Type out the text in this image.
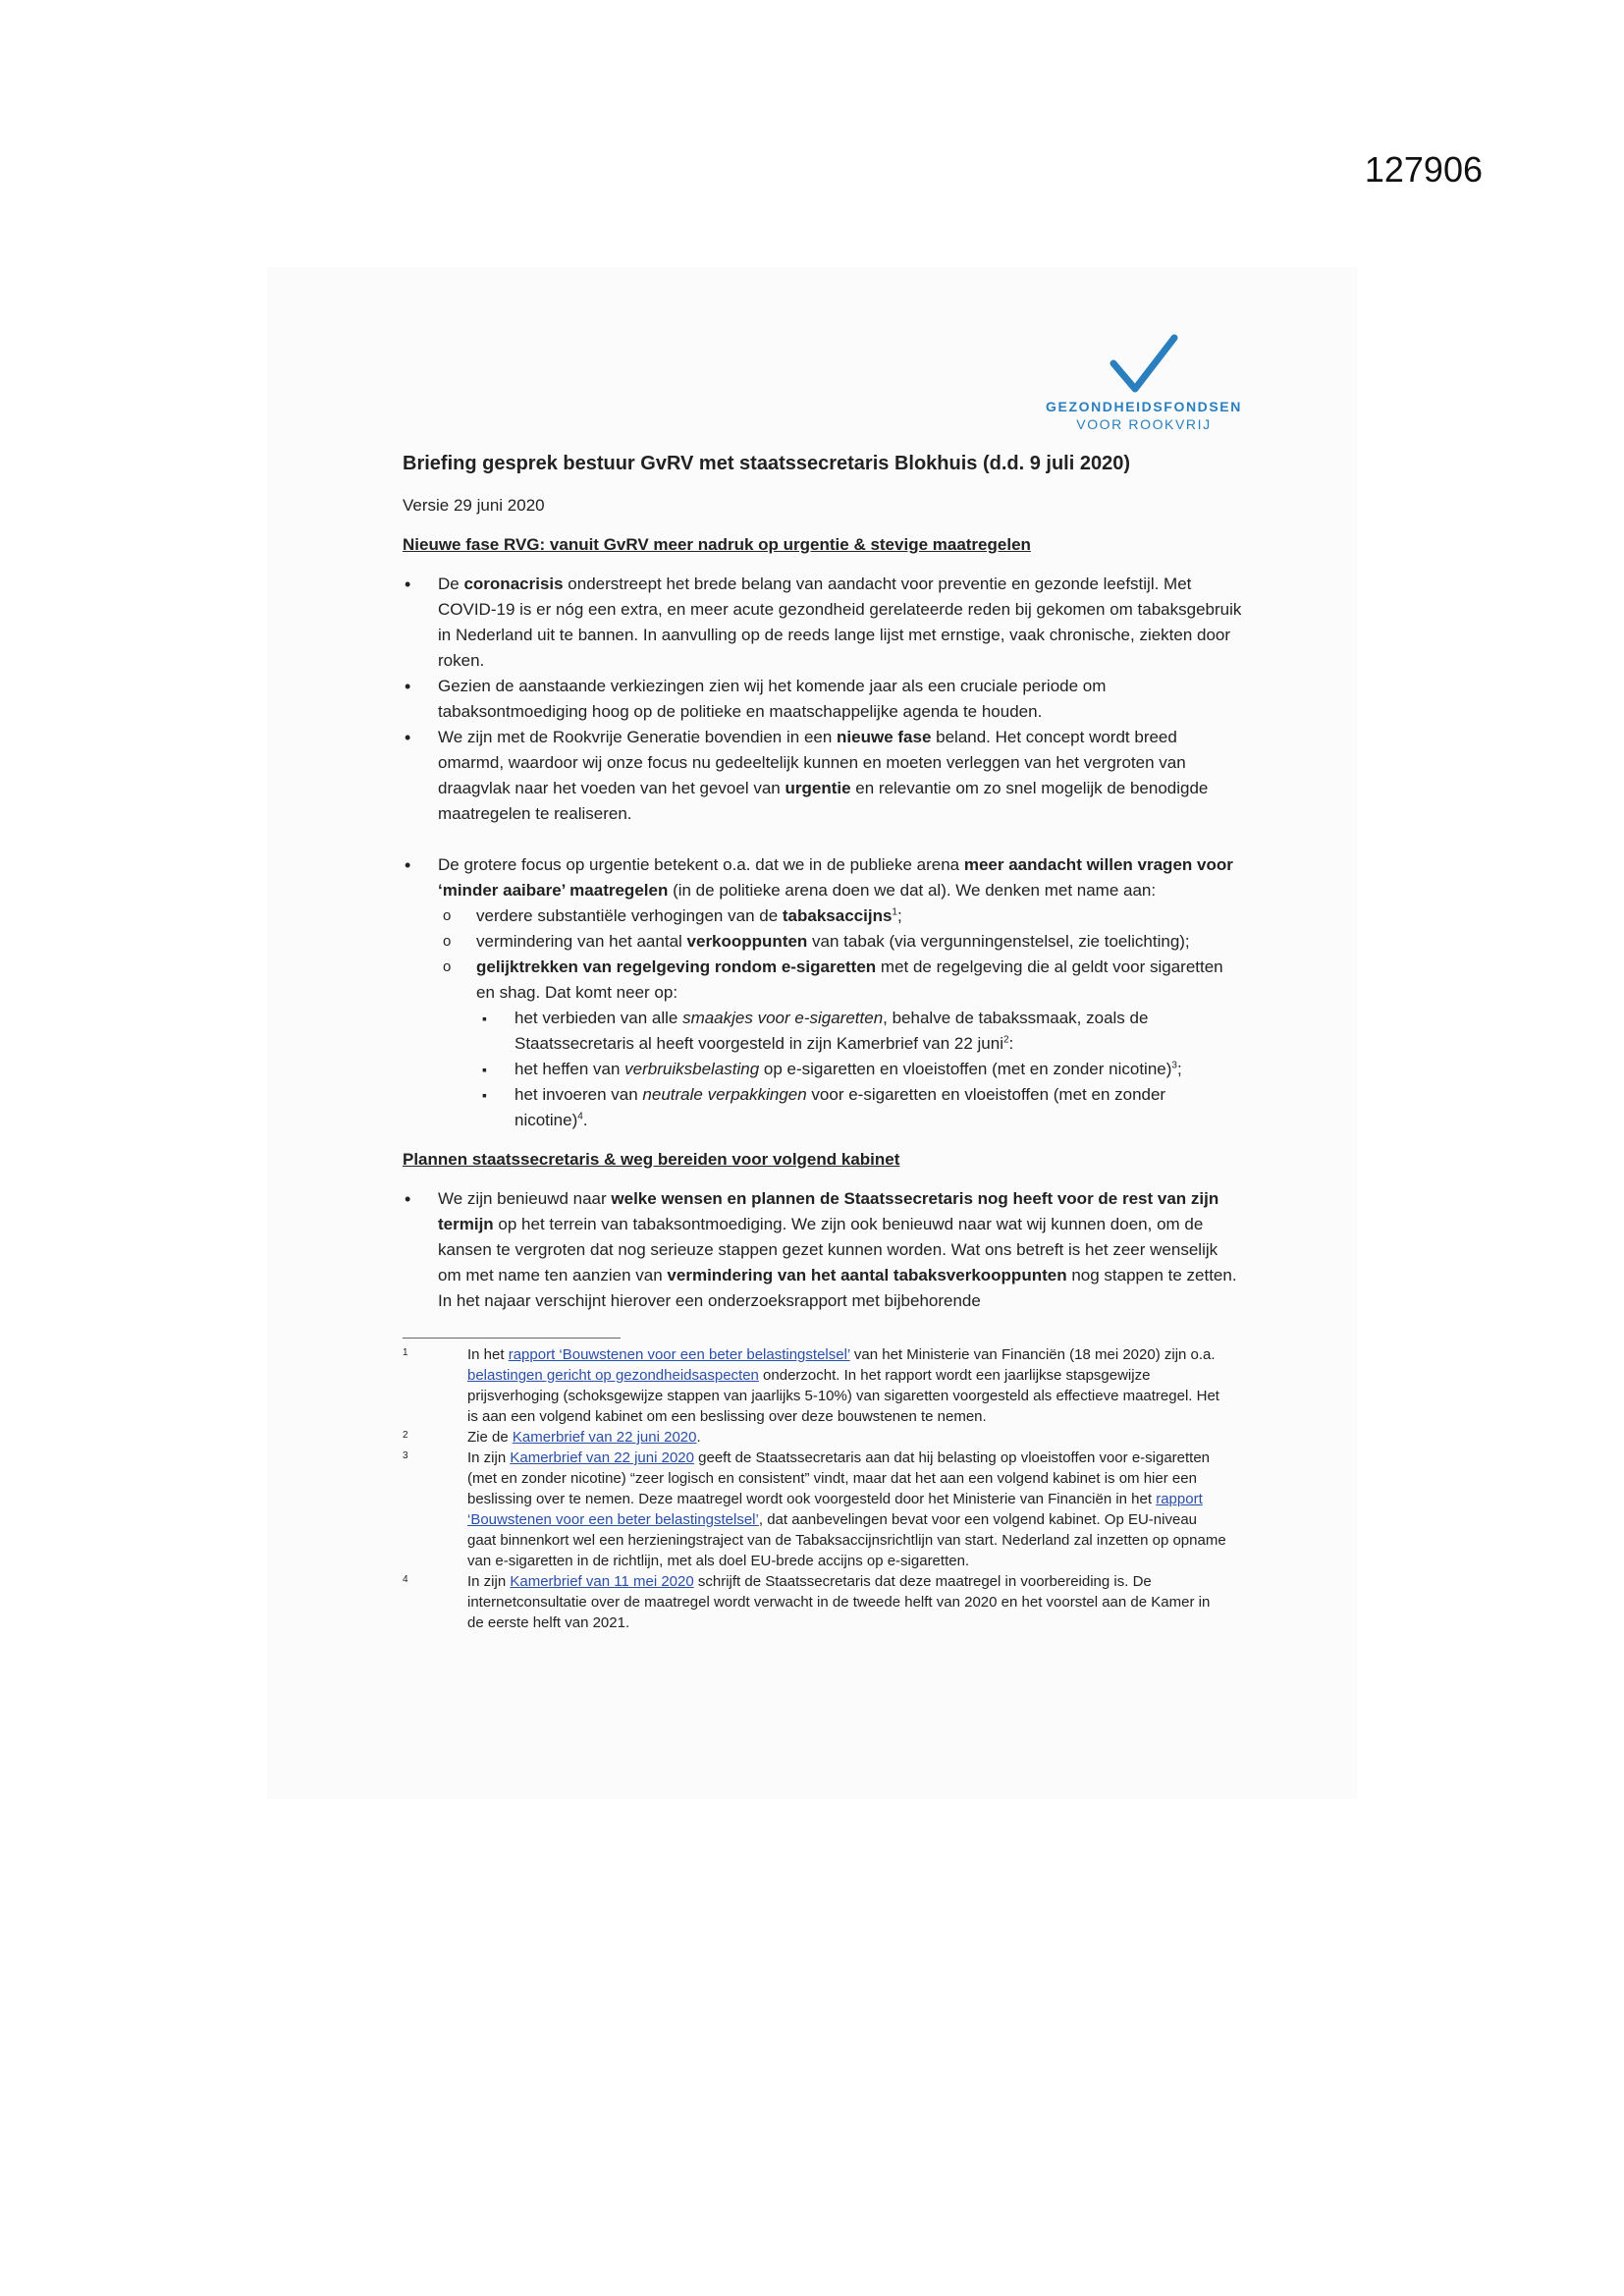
127906
GEZONDHEIDSFONDSEN
VOOR ROOKVRIJ
Briefing gesprek bestuur GvRV met staatssecretaris Blokhuis (d.d. 9 juli 2020)
Versie 29 juni 2020
Nieuwe fase RVG: vanuit GvRV meer nadruk op urgentie & stevige maatregelen
• De coronacrisis onderstreept het brede belang van aandacht voor preventie en gezonde leefstijl. Met COVID-19 is er nóg een extra, en meer acute gezondheid gerelateerde reden bij gekomen om tabaksgebruik in Nederland uit te bannen. In aanvulling op de reeds lange lijst met ernstige, vaak chronische, ziekten door roken.
• Gezien de aanstaande verkiezingen zien wij het komende jaar als een cruciale periode om tabaksontmoediging hoog op de politieke en maatschappelijke agenda te houden.
• We zijn met de Rookvrije Generatie bovendien in een nieuwe fase beland. Het concept wordt breed omarmd, waardoor wij onze focus nu gedeeltelijk kunnen en moeten verleggen van het vergroten van draagvlak naar het voeden van het gevoel van urgentie en relevantie om zo snel mogelijk de benodigde maatregelen te realiseren.
• De grotere focus op urgentie betekent o.a. dat we in de publieke arena meer aandacht willen vragen voor ‘minder aaibare’ maatregelen (in de politieke arena doen we dat al). We denken met name aan:
o verdere substantiële verhogingen van de tabaksaccijns$^1$;
o vermindering van het aantal verkooppunten van tabak (via vergunningenstelsel, zie toelichting);
o gelijktrekken van regelgeving rondom e-sigaretten met de regelgeving die al geldt voor sigaretten en shag. Dat komt neer op:
▪ het verbieden van alle smaakjes voor e-sigaretten, behalve de tabakssmaak, zoals de Staatssecretaris al heeft voorgesteld in zijn Kamerbrief van 22 juni$^2$:
▪ het heffen van verbruiksbelasting op e-sigaretten en vloeistoffen (met en zonder nicotine)$^3$;
▪ het invoeren van neutrale verpakkingen voor e-sigaretten en vloeistoffen (met en zonder nicotine)$^4$.
Plannen staatssecretaris & weg bereiden voor volgend kabinet
• We zijn benieuwd naar welke wensen en plannen de Staatssecretaris nog heeft voor de rest van zijn termijn op het terrein van tabaksontmoediging. We zijn ook benieuwd naar wat wij kunnen doen, om de kansen te vergroten dat nog serieuze stappen gezet kunnen worden. Wat ons betreft is het zeer wenselijk om met name ten aanzien van vermindering van het aantal tabaksverkooppunten nog stappen te zetten. In het najaar verschijnt hierover een onderzoeksrapport met bijbehorende
1	In het rapport ‘Bouwstenen voor een beter belastingstelsel’ van het Ministerie van Financiën (18 mei 2020) zijn o.a. belastingen gericht op gezondheidsaspecten onderzocht. In het rapport wordt een jaarlijkse stapsgewijze prijsverhoging (schoksgewijze stappen van jaarlijks 5-10%) van sigaretten voorgesteld als effectieve maatregel. Het is aan een volgend kabinet om een beslissing over deze bouwstenen te nemen.
2	Zie de Kamerbrief van 22 juni 2020.
3	In zijn Kamerbrief van 22 juni 2020 geeft de Staatssecretaris aan dat hij belasting op vloeistoffen voor e-sigaretten (met en zonder nicotine) “zeer logisch en consistent” vindt, maar dat het aan een volgend kabinet is om hier een beslissing over te nemen. Deze maatregel wordt ook voorgesteld door het Ministerie van Financiën in het rapport ‘Bouwstenen voor een beter belastingstelsel’, dat aanbevelingen bevat voor een volgend kabinet. Op EU-niveau gaat binnenkort wel een herzieningstraject van de Tabaksaccijnsrichtlijn van start. Nederland zal inzetten op opname van e-sigaretten in de richtlijn, met als doel EU-brede accijns op e-sigaretten.
4	In zijn Kamerbrief van 11 mei 2020 schrijft de Staatssecretaris dat deze maatregel in voorbereiding is. De internetconsultatie over de maatregel wordt verwacht in de tweede helft van 2020 en het voorstel aan de Kamer in de eerste helft van 2021.
